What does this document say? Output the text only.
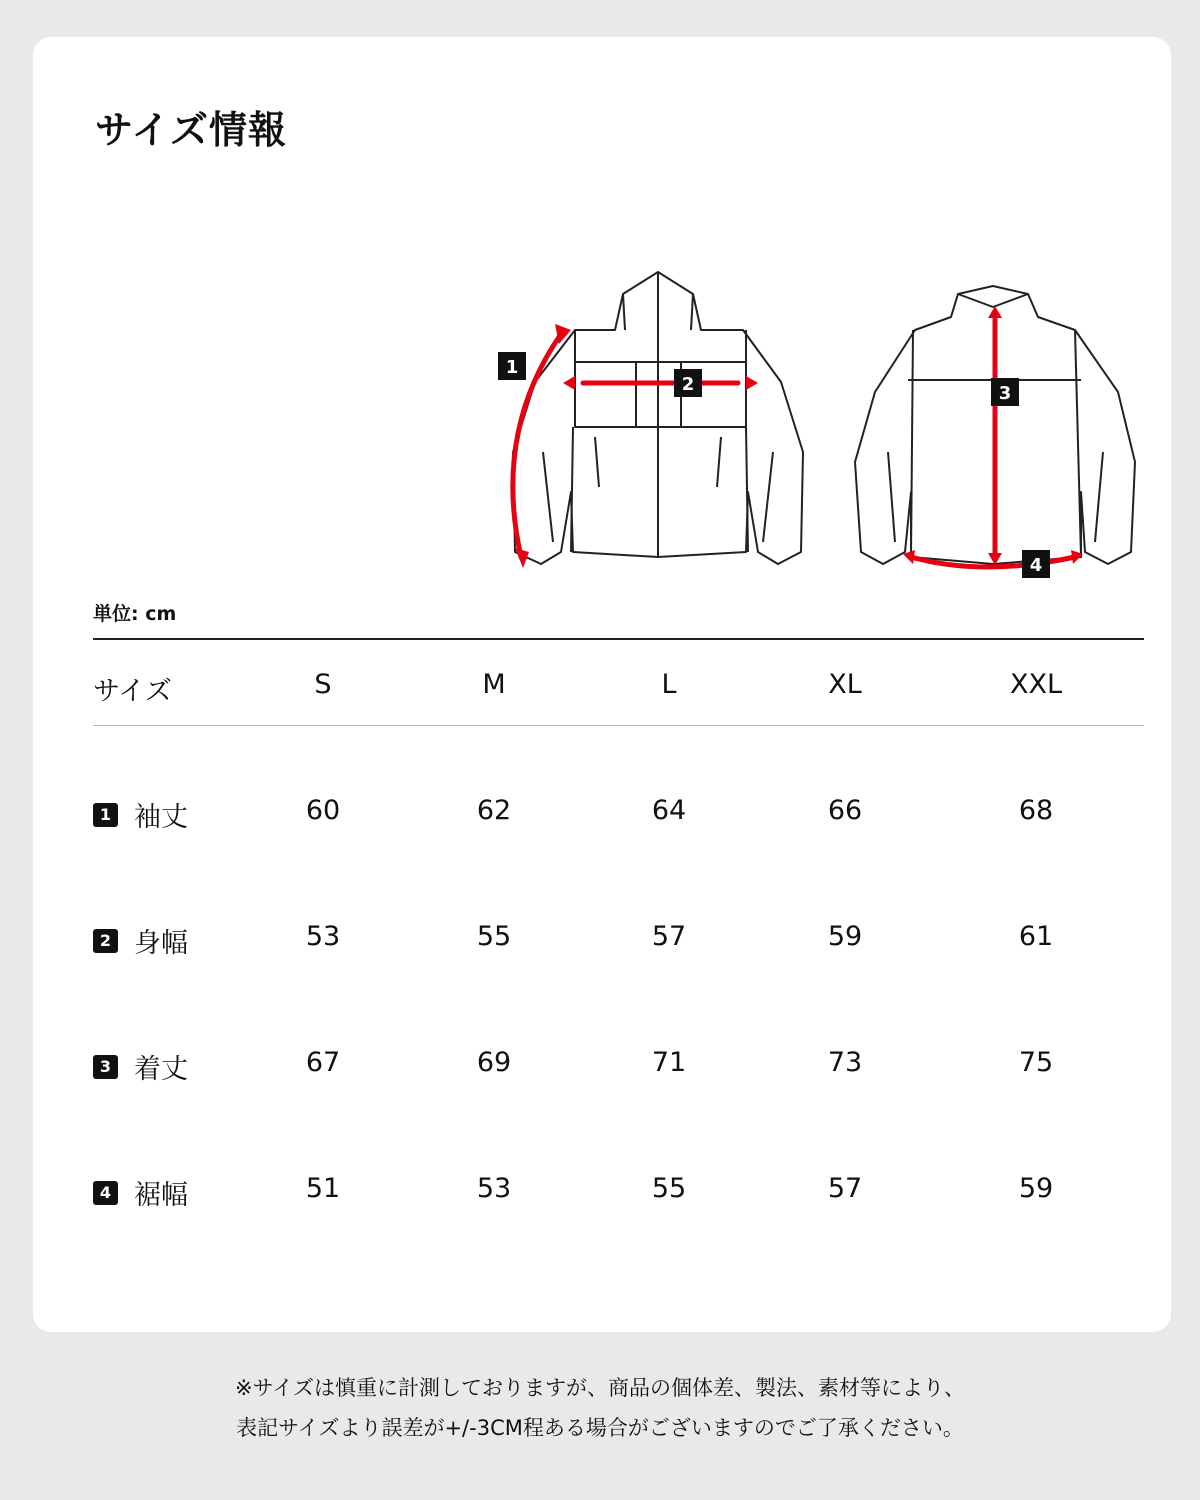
サイズ情報
1
2	3
4
単位: cm
サイズ	S	M	L	XL	XXL
1 袖丈	60	62	64	66	68
2 身幅	53	55	57	59	61
3 着丈	67	69	71	73	75
4 裾幅	51	53	55	57	59

※サイズは慎重に計測しておりますが、商品の個体差、製法、素材等により、

表記サイズより誤差が+/-3CM程ある場合がございますのでご了承ください。
